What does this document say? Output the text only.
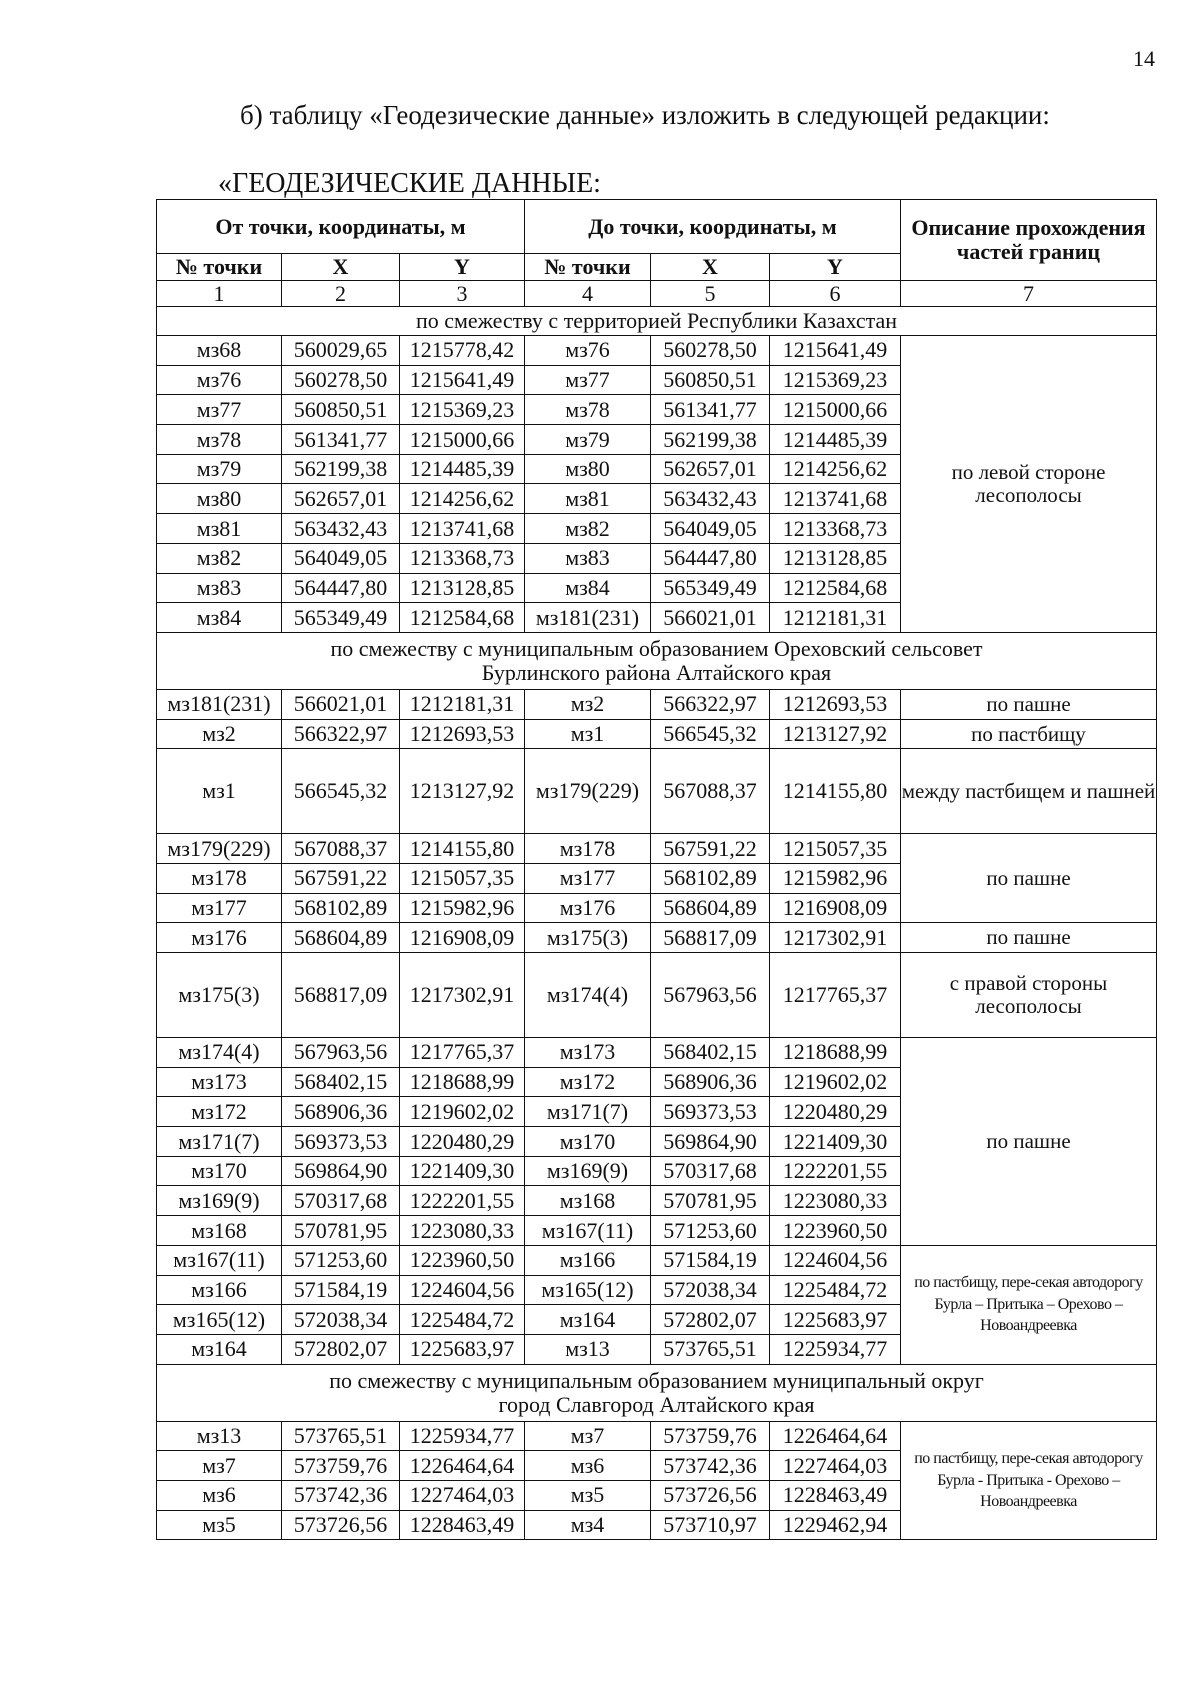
14
б) таблицу «Геодезические данные» изложить в следующей редакции:
«ГЕОДЕЗИЧЕСКИЕ ДАННЫЕ:
От точки, координаты, м			До точки, координаты, м			Описание прохождения частей границ
№ точки	X	Y	№ точки	X	Y	
1	2	3	4	5	6	7
по смежеству с территорией Республики Казахстан						
мз68	560029,65	1215778,42	мз76	560278,50	1215641,49	по левой стороне лесополосы
мз76	560278,50	1215641,49	мз77	560850,51	1215369,23	
мз77	560850,51	1215369,23	мз78	561341,77	1215000,66	
мз78	561341,77	1215000,66	мз79	562199,38	1214485,39	
мз79	562199,38	1214485,39	мз80	562657,01	1214256,62	
мз80	562657,01	1214256,62	мз81	563432,43	1213741,68	
мз81	563432,43	1213741,68	мз82	564049,05	1213368,73	
мз82	564049,05	1213368,73	мз83	564447,80	1213128,85	
мз83	564447,80	1213128,85	мз84	565349,49	1212584,68	
мз84	565349,49	1212584,68	мз181(231)	566021,01	1212181,31	
по смежеству с муниципальным образованием Ореховский сельсовет
Бурлинского района Алтайского края						
мз181(231)	566021,01	1212181,31	мз2	566322,97	1212693,53	по пашне
мз2	566322,97	1212693,53	мз1	566545,32	1213127,92	по пастбищу
мз1	566545,32	1213127,92	мз179(229)	567088,37	1214155,80	между пастбищем и пашней
мз179(229)	567088,37	1214155,80	мз178	567591,22	1215057,35	по пашне
мз178	567591,22	1215057,35	мз177	568102,89	1215982,96	
мз177	568102,89	1215982,96	мз176	568604,89	1216908,09	
мз176	568604,89	1216908,09	мз175(3)	568817,09	1217302,91	по пашне
мз175(3)	568817,09	1217302,91	мз174(4)	567963,56	1217765,37	с правой стороны лесополосы
мз174(4)	567963,56	1217765,37	мз173	568402,15	1218688,99	по пашне
мз173	568402,15	1218688,99	мз172	568906,36	1219602,02	
мз172	568906,36	1219602,02	мз171(7)	569373,53	1220480,29	
мз171(7)	569373,53	1220480,29	мз170	569864,90	1221409,30	
мз170	569864,90	1221409,30	мз169(9)	570317,68	1222201,55	
мз169(9)	570317,68	1222201,55	мз168	570781,95	1223080,33	
мз168	570781,95	1223080,33	мз167(11)	571253,60	1223960,50	
мз167(11)	571253,60	1223960,50	мз166	571584,19	1224604,56	по пастбищу, пере-секая автодорогу Бурла – Притыка – Орехово – Новоандреевка
мз166	571584,19	1224604,56	мз165(12)	572038,34	1225484,72	
мз165(12)	572038,34	1225484,72	мз164	572802,07	1225683,97	
мз164	572802,07	1225683,97	мз13	573765,51	1225934,77	
по смежеству с муниципальным образованием муниципальный округ
город Славгород Алтайского края						
мз13	573765,51	1225934,77	мз7	573759,76	1226464,64	по пастбищу, пере-секая автодорогу Бурла - Притыка - Орехово – Новоандреевка
мз7	573759,76	1226464,64	мз6	573742,36	1227464,03	
мз6	573742,36	1227464,03	мз5	573726,56	1228463,49	
мз5	573726,56	1228463,49	мз4	573710,97	1229462,94	
